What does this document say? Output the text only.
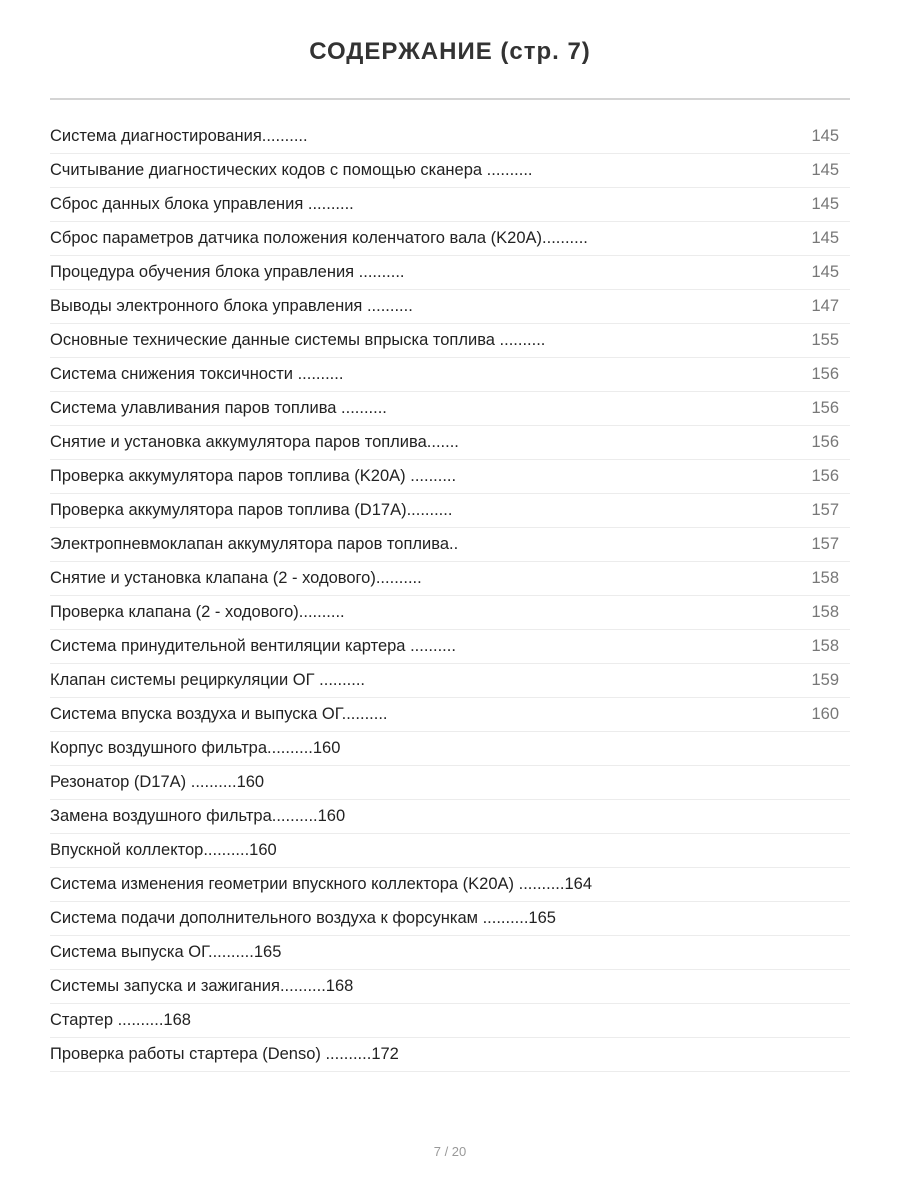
СОДЕРЖАНИЕ (стр. 7)
Система диагностирования..........	145
Считывание диагностических кодов с помощью сканера ..........	145
Сброс данных блока управления ..........	145
Сброс параметров датчика положения коленчатого вала (K20A)..........	145
Процедура обучения блока управления ..........	145
Выводы электронного блока управления ..........	147
Основные технические данные системы впрыска топлива ..........	155
Система снижения токсичности ..........	156
Система улавливания паров топлива ..........	156
Снятие и установка аккумулятора паров топлива.......	156
Проверка аккумулятора паров топлива (K20A) ..........	156
Проверка аккумулятора паров топлива (D17A)..........	157
Электропневмоклапан аккумулятора паров топлива..	157
Снятие и установка клапана (2 - ходового)..........	158
Проверка клапана (2 - ходового)..........	158
Система принудительной вентиляции картера ..........	158
Клапан системы рециркуляции ОГ ..........	159
Система впуска воздуха и выпуска ОГ..........	160
Корпус воздушного фильтра..........160
Резонатор (D17A) ..........160
Замена воздушного фильтра..........160
Впускной коллектор..........160
Система изменения геометрии впускного коллектора (K20A) ..........164
Система подачи дополнительного воздуха к форсункам ..........165
Система выпуска ОГ..........165
Системы запуска и зажигания..........168
Стартер ..........168
Проверка работы стартера (Denso) ..........172
7 / 20
